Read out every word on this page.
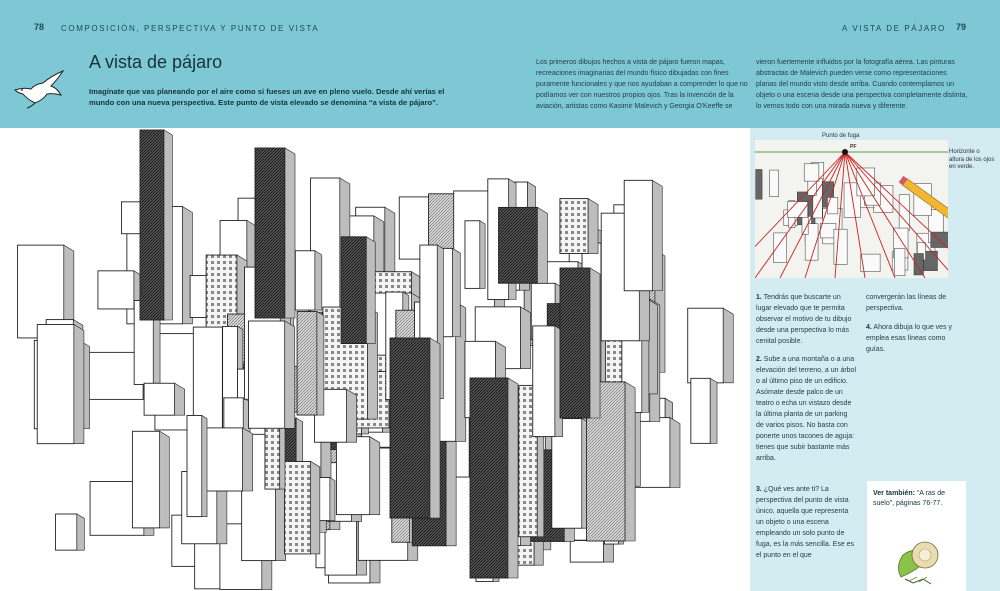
78 COMPOSICIÓN, PERSPECTIVA Y PUNTO DE VISTA	A VISTA DE PÁJARO 79
A vista de pájaro

Imagínate que vas planeando por el aire como si fueses un ave en pleno vuelo. Desde ahí verías el mundo con una nueva perspectiva. Este punto de vista elevado se denomina “a vista de pájaro”.

Los primeros dibujos hechos a vista de pájaro fueron mapas, recreaciones imaginarias del mundo físico dibujadas con fines puramente funcionales y que nos ayudaban a comprender lo que no podíamos ver con nuestros propios ojos. Tras la invención de la aviación, artistas como Kasimir Malevich y Georgia O'Keeffe se

vieron fuertemente influidos por la fotografía aérea. Las pinturas abstractas de Malevich pueden verse como representaciones planas del mundo visto desde arriba. Cuando contemplamos un objeto o una escena desde una perspectiva completamente distinta, lo vemos todo con una mirada nueva y diferente.

Punto de fuga
PF

Horizonte o altura de los ojos en verde.

1. Tendrás que buscarte un lugar elevado que te permita observar el motivo de tu dibujo desde una perspectiva lo más cenital posible.

2. Sube a una montaña o a una elevación del terreno, a un árbol o al último piso de un edificio. Asómate desde palco de un teatro o echa un vistazo desde la última planta de un parking de varios pisos. No basta con ponerte unos tacones de aguja: tienes que subir bastante más arriba.

3. ¿Qué ves ante ti? La perspectiva del punto de vista único, aquella que representa un objeto o una escena empleando un solo punto de fuga, es la más sencilla. Ese es el punto en el que

convergerán las líneas de perspectiva.

4. Ahora dibuja lo que ves y emplea esas líneas como guías.

Ver también: “A ras de suelo”, páginas 76-77.
